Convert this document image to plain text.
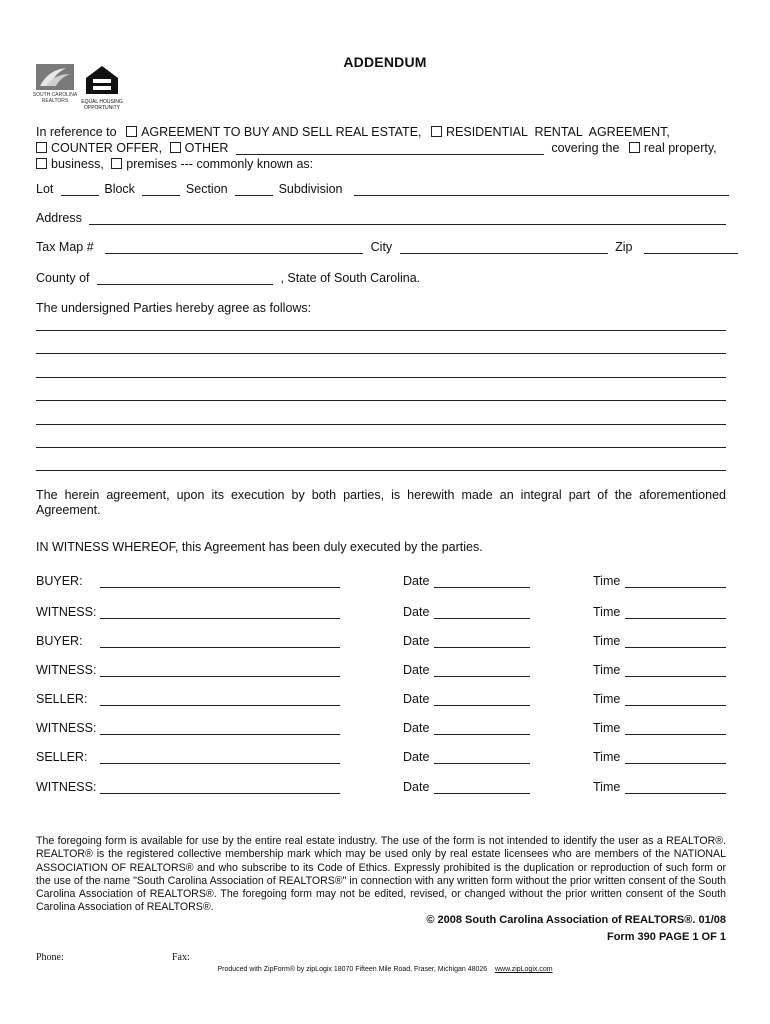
ADDENDUM
SOUTH CAROLINA
REALTORS	EQUAL HOUSING OPPORTUNITY
In reference to AGREEMENT TO BUY AND SELL REAL ESTATE, RESIDENTIAL  RENTAL  AGREEMENT,
COUNTER OFFER, OTHER	covering the real property,
business, premises --- commonly known as:
Lot	Block	Section	Subdivision
Address
Tax Map #	City	Zip
County of	, State of South Carolina.
The undersigned Parties hereby agree as follows:
The herein agreement, upon its execution by both parties, is herewith made an integral part of the aforementioned Agreement.
IN WITNESS WHEREOF, this Agreement has been duly executed by the parties.
BUYER:	Date	Time
WITNESS:	Date	Time
BUYER:	Date	Time
WITNESS:	Date	Time
SELLER:	Date	Time
WITNESS:	Date	Time
SELLER:	Date	Time
WITNESS:	Date	Time
The foregoing form is available for use by the entire real estate industry. The use of the form is not intended to identify the user as a REALTOR®. REALTOR® is the registered collective membership mark which may be used only by real estate licensees who are members of the NATIONAL ASSOCIATION OF REALTORS® and who subscribe to its Code of Ethics. Expressly prohibited is the duplication or reproduction of such form or the use of the name "South Carolina Association of REALTORS®" in connection with any written form without the prior written consent of the South Carolina Association of REALTORS®. The foregoing form may not be edited, revised, or changed without the prior written consent of the South Carolina Association of REALTORS®.
© 2008 South Carolina Association of REALTORS®. 01/08
Form 390 PAGE 1 OF 1
Phone:	Fax:
Produced with ZipForm® by zipLogix 18070 Fifteen Mile Road, Fraser, Michigan 48026 www.zipLogix.com
